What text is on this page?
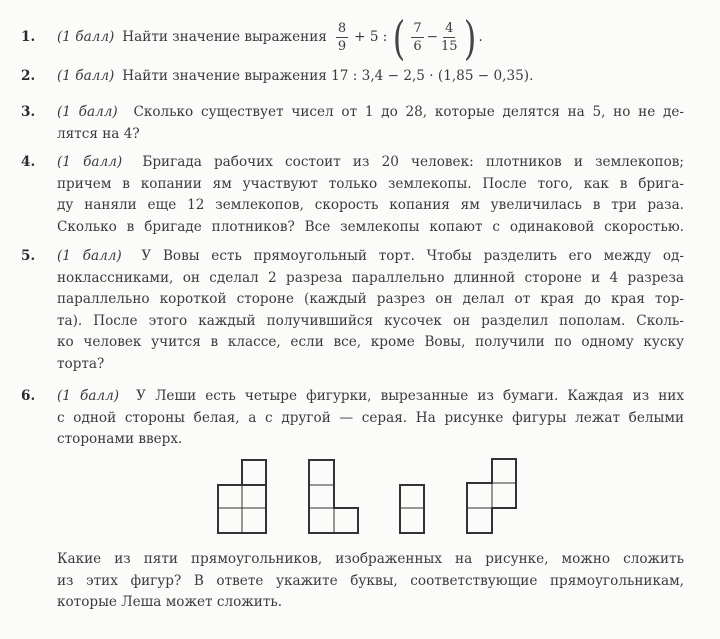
1. (1 балл) Найти значение выражения $\frac{8}{9} + 5$ : ( $\frac{7}{6} - \frac{4}{15}$ ) .
2. (1 балл) Найти значение выражения 17 : 3,4 − 2,5 · (1,85 − 0,35).
3. (1 балл) Сколько существует чисел от 1 до 28, которые делятся на 5, но не де-
лятся на 4?
4. (1 балл) Бригада рабочих состоит из 20 человек: плотников и землекопов;
причем в копании ям участвуют только землекопы. После того, как в брига-
ду наняли еще 12 землекопов, скорость копания ям увеличилась в три раза.
Сколько в бригаде плотников? Все землекопы копают с одинаковой скоростью.
5. (1 балл) У Вовы есть прямоугольный торт. Чтобы разделить его между од-
ноклассниками, он сделал 2 разреза параллельно длинной стороне и 4 разреза
параллельно короткой стороне (каждый разрез он делал от края до края тор-
та). После этого каждый получившийся кусочек он разделил пополам. Сколь-
ко человек учится в классе, если все, кроме Вовы, получили по одному куску
торта?
6. (1 балл) У Леши есть четыре фигурки, вырезанные из бумаги. Каждая из них
с одной стороны белая, а с другой — серая. На рисунке фигуры лежат белыми
сторонами вверх.
Какие из пяти прямоугольников, изображенных на рисунке, можно сложить
из этих фигур? В ответе укажите буквы, соответствующие прямоугольникам,
которые Леша может сложить.
